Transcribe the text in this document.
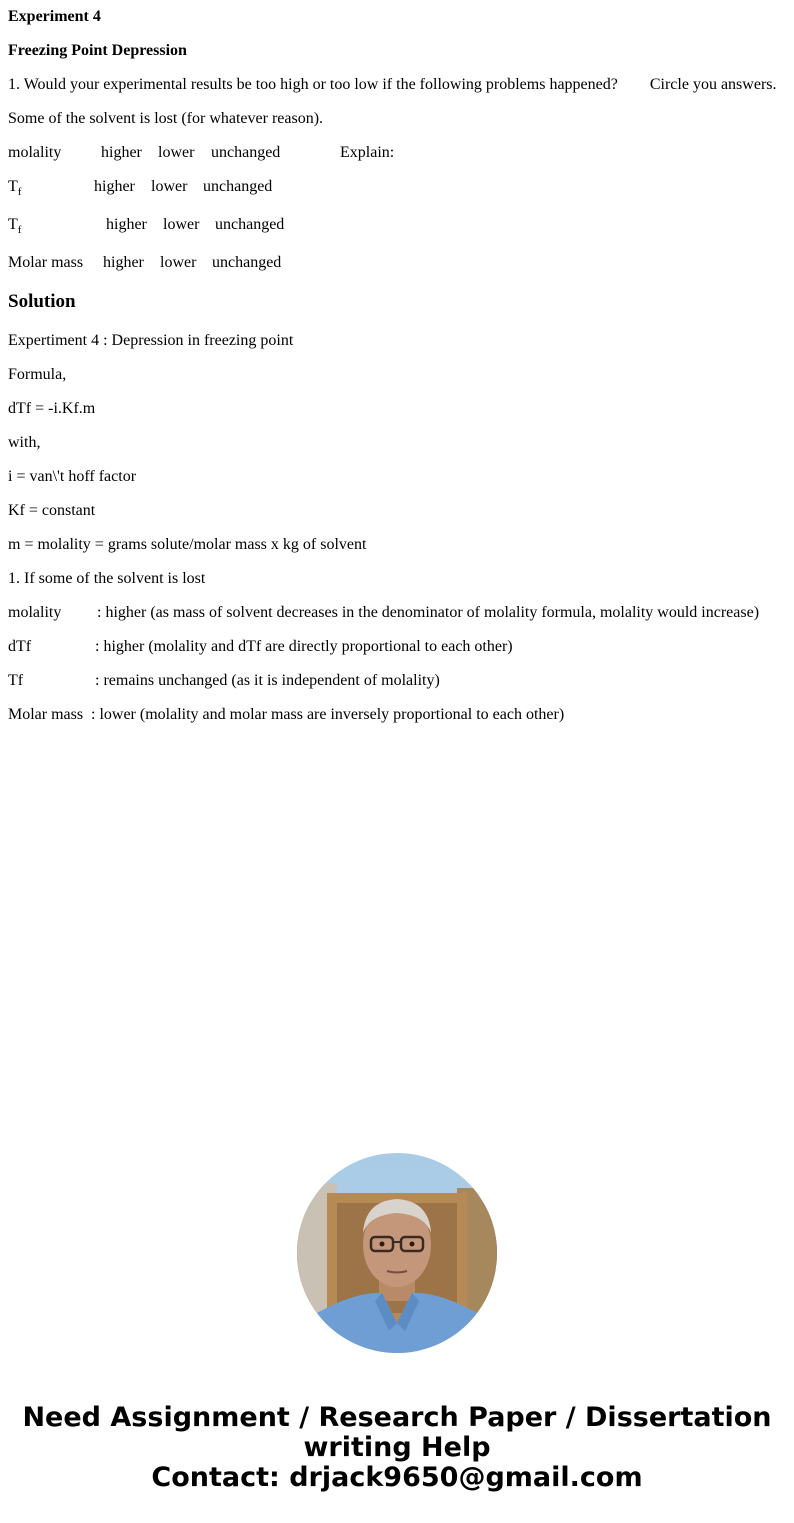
Experiment 4
Freezing Point Depression
1. Would your experimental results be too high or too low if the following problems happened? Circle you answers.
Some of the solvent is lost (for whatever reason).
molality higher lower unchanged	Explain:
$T_f$	higher lower unchanged
$T_f$	higher lower unchanged
Molar mass higher lower unchanged
Solution
Expertiment 4 : Depression in freezing point
Formula,
dTf = -i.Kf.m
with,
i = van\'t hoff factor
Kf = constant
m = molality = grams solute/molar mass x kg of solvent
1. If some of the solvent is lost
molality : higher (as mass of solvent decreases in the denominator of molality formula, molality would increase)
dTf	: higher (molality and dTf are directly proportional to each other)
Tf	: remains unchanged (as it is independent of molality)
Molar mass : lower (molality and molar mass are inversely proportional to each other)
Need Assignment / Research Paper / Dissertation
writing Help
Contact: drjack9650@gmail.com
